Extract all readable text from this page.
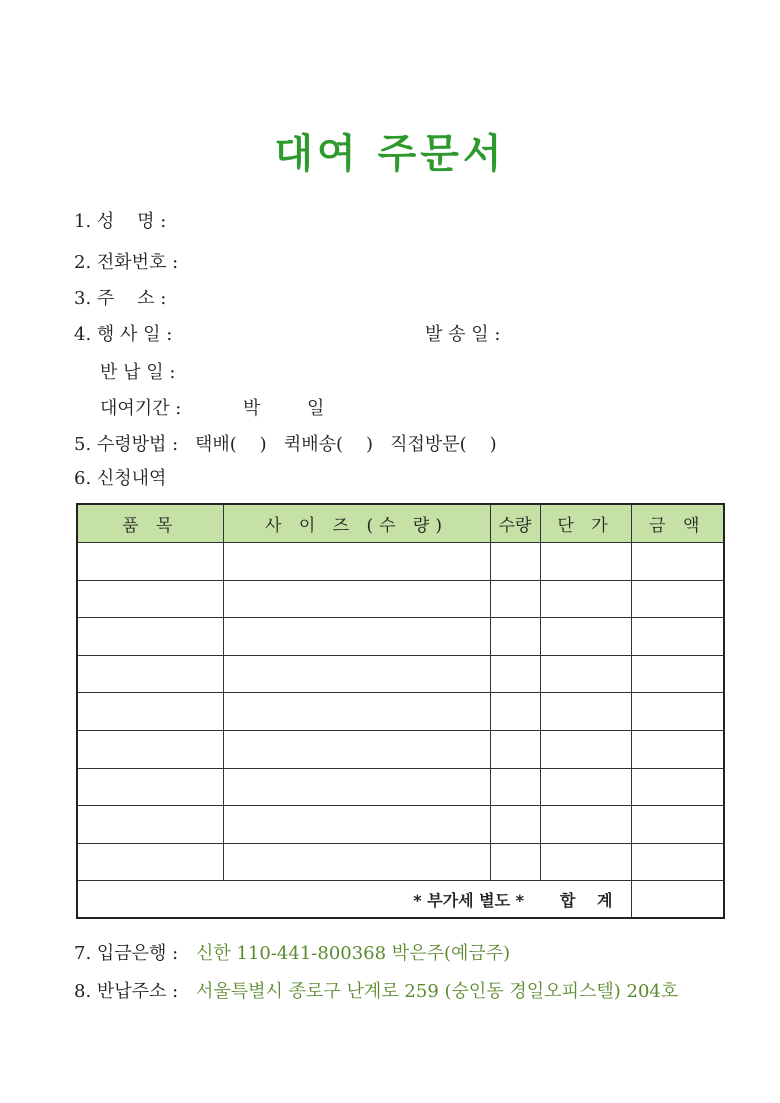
대여 주문서
1. 성    명 :
2. 전화번호 :
3. 주    소 :
4. 행 사 일 :	발 송 일 :
반 납 일 :
대여기간 :	박	일
5. 수령방법 : 택배(    )   퀵배송(    )   직접방문(    )
6. 신청내역
품 목	사 이 즈 (수 량)	수량	단 가	금 액

* 부가세 별도 * 합 계				
7. 입금은행 : 신한 110-441-800368 박은주(예금주)
8. 반납주소 : 서울특별시 종로구 난계로 259 (숭인동 경일오피스텔) 204호
